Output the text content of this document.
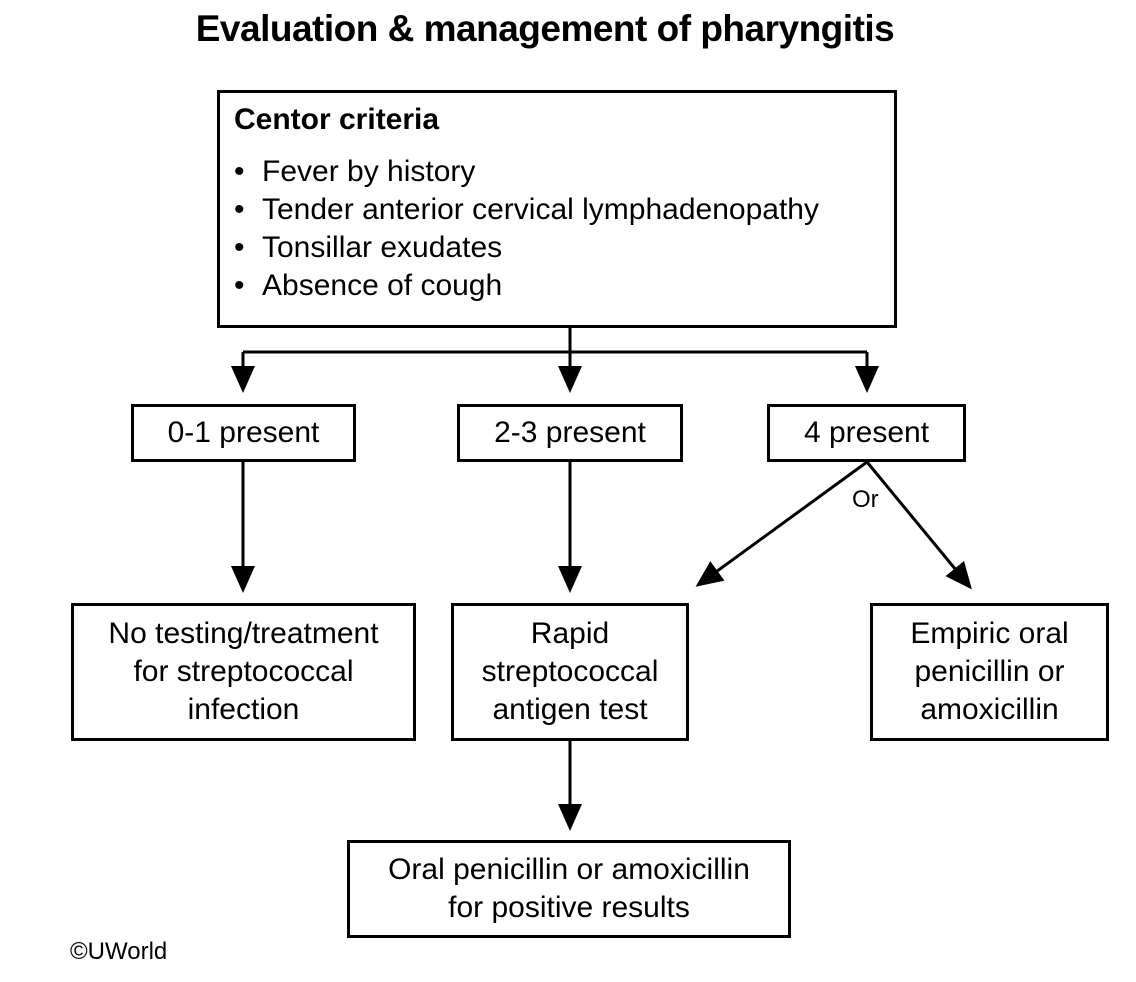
Evaluation & management of pharyngitis
Centor criteria
• Fever by history
• Tender anterior cervical lymphadenopathy
• Tonsillar exudates
• Absence of cough
0-1 present	2-3 present	4 present
Or
No testing/treatment
for streptococcal
infection
Rapid
streptococcal
antigen test
Empiric oral
penicillin or
amoxicillin
Oral penicillin or amoxicillin
for positive results
©UWorld
